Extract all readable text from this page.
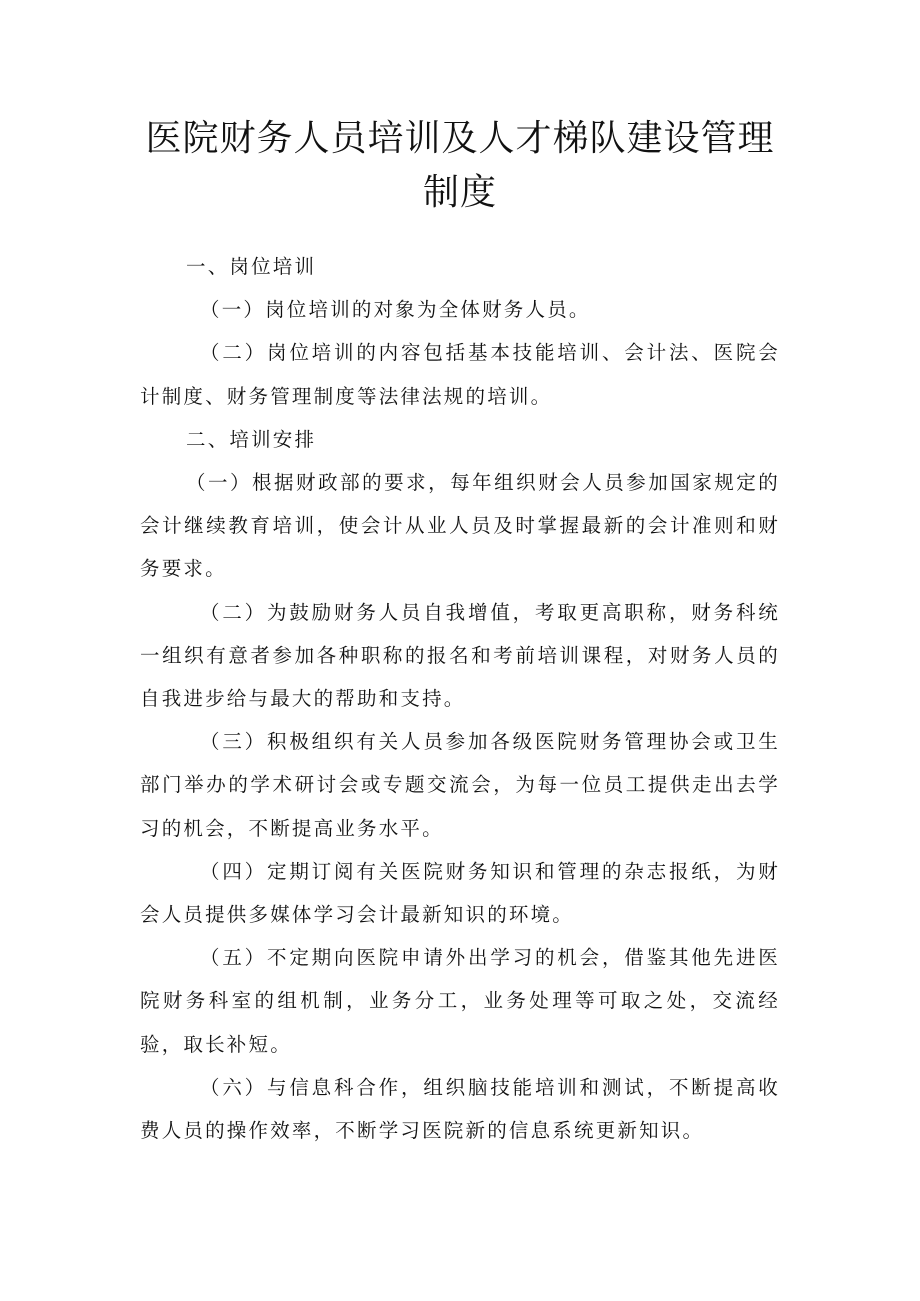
医院财务人员培训及人才梯队建设管理制度

一、岗位培训

（一）岗位培训的对象为全体财务人员。

（二）岗位培训的内容包括基本技能培训、会计法、医院会计制度、财务管理制度等法律法规的培训。

二、培训安排

（一）根据财政部的要求，每年组织财会人员参加国家规定的会计继续教育培训，使会计从业人员及时掌握最新的会计准则和财务要求。

（二）为鼓励财务人员自我增值，考取更高职称，财务科统一组织有意者参加各种职称的报名和考前培训课程，对财务人员的自我进步给与最大的帮助和支持。

（三）积极组织有关人员参加各级医院财务管理协会或卫生部门举办的学术研讨会或专题交流会，为每一位员工提供走出去学习的机会，不断提高业务水平。

（四）定期订阅有关医院财务知识和管理的杂志报纸，为财会人员提供多媒体学习会计最新知识的环境。

（五）不定期向医院申请外出学习的机会，借鉴其他先进医院财务科室的组机制，业务分工，业务处理等可取之处，交流经验，取长补短。

（六）与信息科合作，组织脑技能培训和测试，不断提高收费人员的操作效率，不断学习医院新的信息系统更新知识。
